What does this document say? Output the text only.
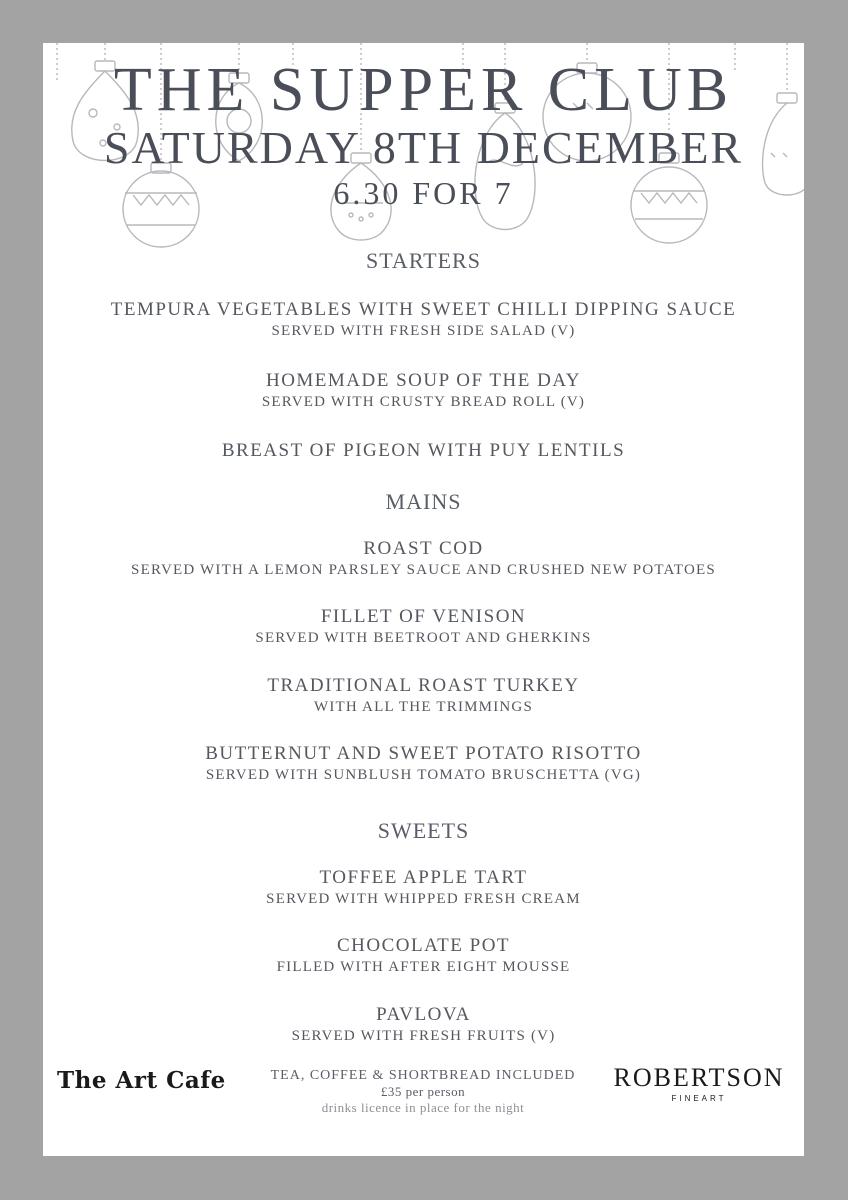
THE SUPPER CLUB
SATURDAY 8TH DECEMBER
6.30 FOR 7
STARTERS
TEMPURA VEGETABLES WITH SWEET CHILLI DIPPING SAUCE
SERVED WITH FRESH SIDE SALAD (V)
HOMEMADE SOUP OF THE DAY
SERVED WITH CRUSTY BREAD ROLL (V)
BREAST OF PIGEON WITH PUY LENTILS
MAINS
ROAST COD
SERVED WITH A LEMON PARSLEY SAUCE AND CRUSHED NEW POTATOES
FILLET OF VENISON
SERVED WITH BEETROOT AND GHERKINS
TRADITIONAL ROAST TURKEY
WITH ALL THE TRIMMINGS
BUTTERNUT AND SWEET POTATO RISOTTO
SERVED WITH SUNBLUSH TOMATO BRUSCHETTA (VG)
SWEETS
TOFFEE APPLE TART
SERVED WITH WHIPPED FRESH CREAM
CHOCOLATE POT
FILLED WITH AFTER EIGHT MOUSSE
PAVLOVA
SERVED WITH FRESH FRUITS (V)
The Art Cafe	TEA, COFFEE & SHORTBREAD INCLUDED
£35 per person
drinks licence in place for the night
ROBERTSON
FINEART
